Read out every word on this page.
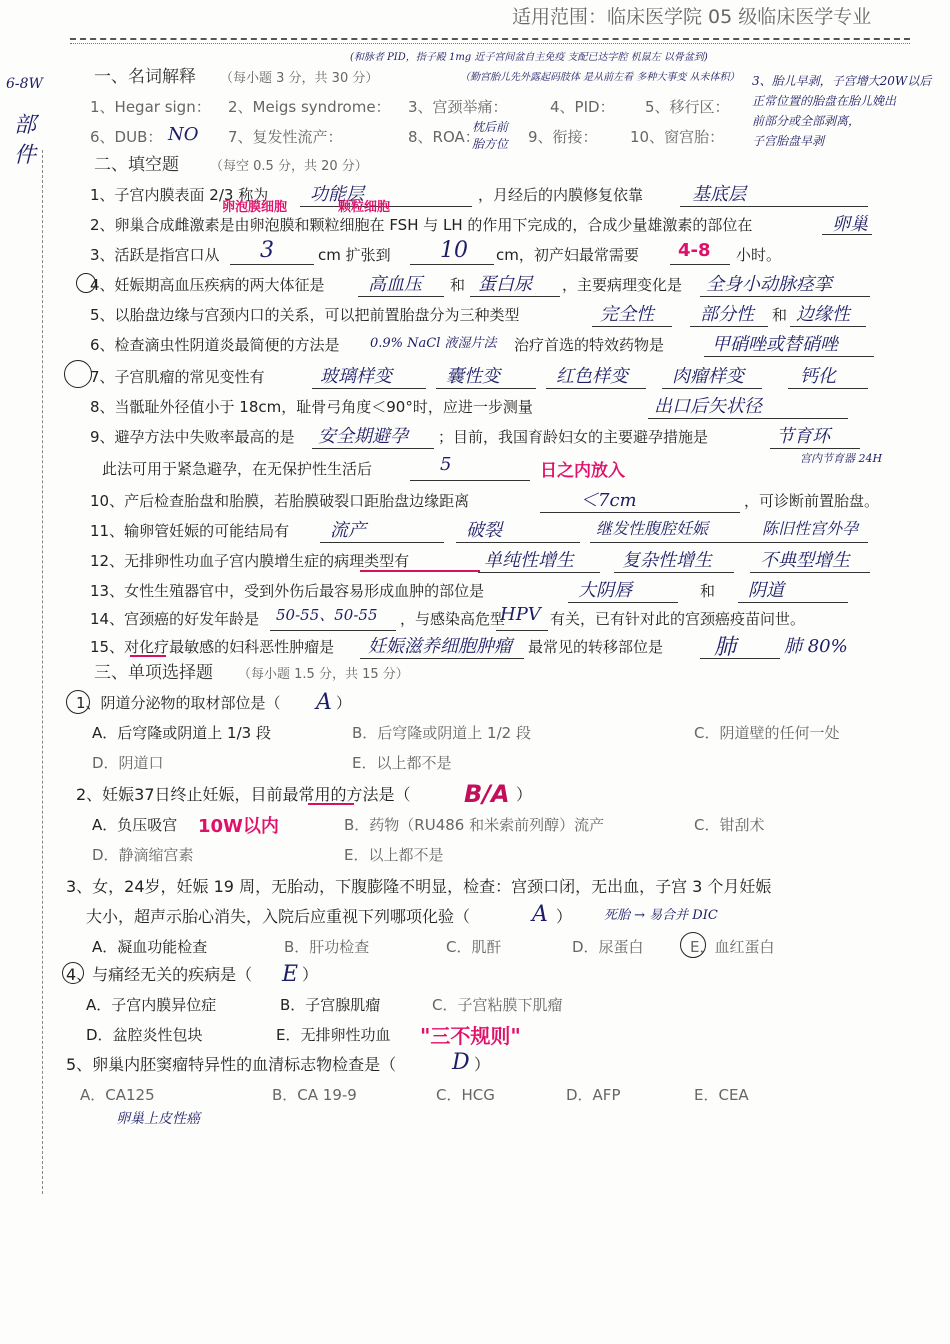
适用范围：临床医学院 05 级临床医学专业
(和脉者 PID，指子殿 1mg 近子宫间盆自主免疫 支配已达字腔 机鼠左 以骨盆到)
（勤宫胎儿先外露起码肢体 是从前左看 多种大事变 从未体积）
6-8W
部
件
一、名词解释 （每小题 3 分，共 30 分）
1、Hegar sign： 2、Meigs syndrome： 3、宫颈举痛：	4、PID： 5、移行区：
6、DUB： NO 7、复发性流产：	8、ROA：
枕后前 胎方位	9、衔接： 10、窗宫胎：
3、胎儿早剥，子宫增大20W以后
正常位置的胎盘在胎儿娩出
前部分或全部剥离，
子宫胎盘早剥
二、填空题 （每空 0.5 分，共 20 分）
1、子宫内膜表面 2/3 称为 功能层	，月经后的内膜修复依靠	基底层
2、卵巢合成雌激素是由卵泡膜和颗粒细胞在 FSH 与 LH 的作用下完成的，合成少量雄激素的部位在
卵泡膜细胞	颗粒细胞
卵巢
3、活跃是指宫口从 3	cm 扩张到 10 cm，初产妇最常需要 4-8 小时。
4、妊娠期高血压疾病的两大体征是 高血压 和 蛋白尿 ，主要病理变化是 全身小动脉痉挛
5、以胎盘边缘与宫颈内口的关系，可以把前置胎盘分为三种类型	完全性	部分性 和 边缘性
6、检查滴虫性阴道炎最简便的方法是 0.9% NaCl 液湿片法 治疗首选的特效药物是	甲硝唑或替硝唑
7、子宫肌瘤的常见变性有	玻璃样变	囊性变	红色样变 肉瘤样变	钙化
8、当骶耻外径值小于 18cm，耻骨弓角度＜90°时，应进一步测量	出口后矢状径
9、避孕方法中失败率最高的是 安全期避孕 ；目前，我国育龄妇女的主要避孕措施是	节育环
宫内节育器 24H
此法可用于紧急避孕，在无保护性生活后	5	日之内放入
10、产后检查胎盘和胎膜，若胎膜破裂口距胎盘边缘距离	＜7cm	，可诊断前置胎盘。
11、输卵管妊娠的可能结局有 流产	破裂	继发性腹腔妊娠	陈旧性宫外孕
12、无排卵性功血子宫内膜增生症的病理类型有	单纯性增生	复杂性增生	不典型增生
13、女性生殖器官中，受到外伤后最容易形成血肿的部位是	大阴唇	和 阴道
14、宫颈癌的好发年龄是 50-55、50-55 ，与感染高危型
HPV 有关，已有针对此的宫颈癌疫苗问世。
15、对化疗最敏感的妇科恶性肿瘤是 妊娠滋养细胞肿瘤 最常见的转移部位是 肺	肺 80%
三、单项选择题 （每小题 1.5 分，共 15 分）
1、阴道分泌物的取材部位是（ A ）
A．后穹隆或阴道上 1/3 段	B．后穹隆或阴道上 1/2 段	C．阴道壁的任何一处
D．阴道口	E．以上都不是
2、妊娠37日终止妊娠，目前最常用的方法是（ B/A ）
A．负压吸宫 10W以内	B．药物（RU486 和米索前列醇）流产	C．钳刮术
D．静滴缩宫素	E．以上都不是
3、女，24岁，妊娠 19 周，无胎动，下腹膨隆不明显，检查：宫颈口闭，无出血，子宫 3 个月妊娠
大小，超声示胎心消失，入院后应重视下列哪项化验（	A ） 死胎 → 易合并 DIC
A．凝血功能检查	B．肝功检查	C．肌酐	D．尿蛋白	E．血红蛋白
4、与痛经无关的疾病是（ E ）
A．子宫内膜异位症	B．子宫腺肌瘤	C．子宫粘膜下肌瘤
D．盆腔炎性包块	E．无排卵性功血 "三不规则"
5、卵巢内胚窦瘤特异性的血清标志物检查是（	D ）
A．CA125	B．CA 19-9	C．HCG	D．AFP	E．CEA
卵巢上皮性癌
